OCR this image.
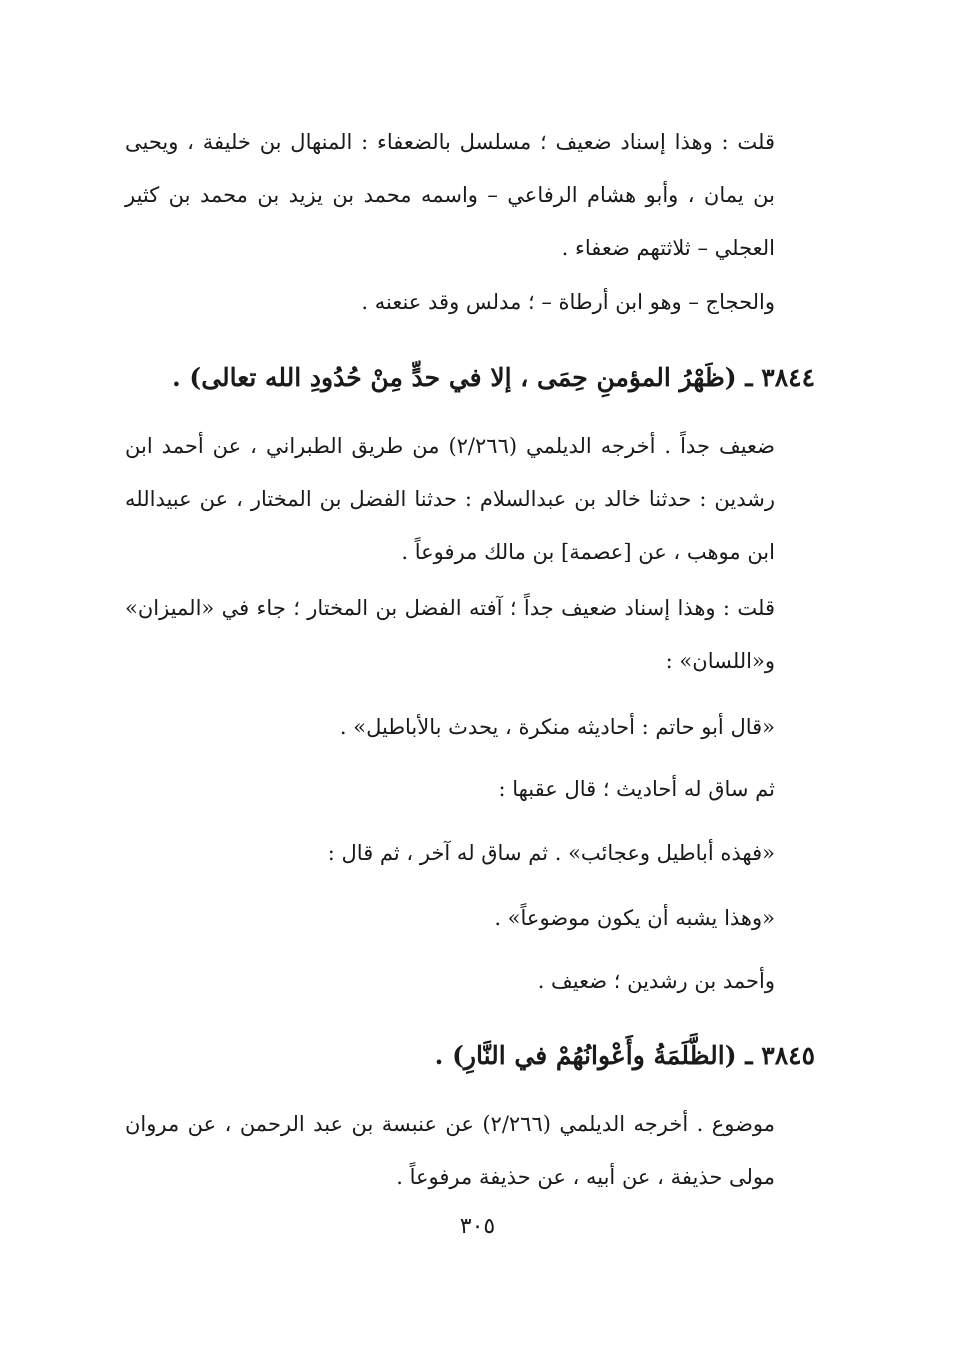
قلت : وهذا إسناد ضعيف ؛ مسلسل بالضعفاء : المنهال بن خليفة ، ويحيى بن يمان ، وأبو هشام الرفاعي – واسمه محمد بن يزيد بن محمد بن كثير العجلي – ثلاثتهم ضعفاء .

والحجاج – وهو ابن أرطاة – ؛ مدلس وقد عنعنه .

٣٨٤٤ ـ (ظَهْرُ المؤمنِ حِمَى ، إلا في حدٍّ مِنْ حُدُودِ الله تعالى) .

ضعيف جداً . أخرجه الديلمي (٢/٢٦٦) من طريق الطبراني ، عن أحمد ابن رشدين : حدثنا خالد بن عبدالسلام : حدثنا الفضل بن المختار ، عن عبيدالله ابن موهب ، عن [عصمة] بن مالك مرفوعاً .

قلت : وهذا إسناد ضعيف جداً ؛ آفته الفضل بن المختار ؛ جاء في «الميزان» و«اللسان» :

«قال أبو حاتم : أحاديثه منكرة ، يحدث بالأباطيل» .
ثم ساق له أحاديث ؛ قال عقبها :
«فهذه أباطيل وعجائب» . ثم ساق له آخر ، ثم قال :
«وهذا يشبه أن يكون موضوعاً» .
وأحمد بن رشدين ؛ ضعيف .
٣٨٤٥ ـ (الظَّلَمَةُ وأَعْوانُهُمْ في النَّارِ) .

موضوع . أخرجه الديلمي (٢/٢٦٦) عن عنبسة بن عبد الرحمن ، عن مروان مولى حذيفة ، عن أبيه ، عن حذيفة مرفوعاً .

٣٠٥
